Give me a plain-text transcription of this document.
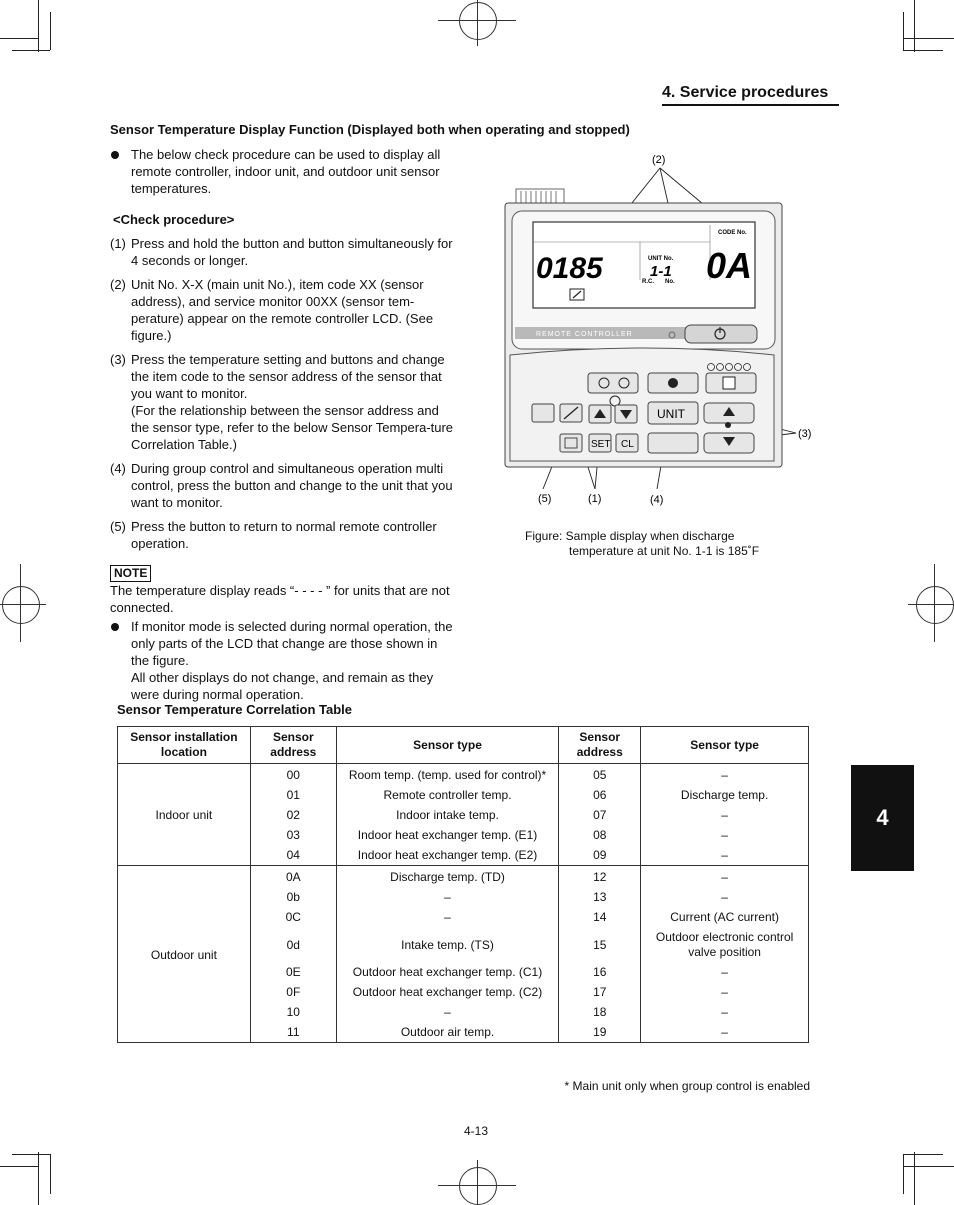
4. Service procedures
Sensor Temperature Display Function (Displayed both when operating and stopped)
The below check procedure can be used to display all remote controller, indoor unit, and outdoor unit sensor temperatures.
<Check procedure>
(1) Press and hold the button and button simultaneously for 4 seconds or longer.
(2) Unit No. X-X (main unit No.), item code XX (sensor address), and service monitor 00XX (sensor tem-perature) appear on the remote controller LCD. (See figure.)
(3) Press the temperature setting and buttons and change the item code to the sensor address of the sensor that you want to monitor.
(For the relationship between the sensor address and the sensor type, refer to the below Sensor Tempera-ture Correlation Table.)
(4) During group control and simultaneous operation multi control, press the button and change to the unit that you want to monitor.
(5) Press the button to return to normal remote controller operation.
NOTE
The temperature display reads “- - - - ” for units that are not connected.
If monitor mode is selected during normal operation, the only parts of the LCD that change are those shown in the figure.
All other displays do not change, and remain as they were during normal operation.
(2)
(3)
(5)	(1)	(4)
0185	UNIT No.
1-1
R.C. No.
CODE No.
0A
REMOTE CONTROLLER
UNIT
SET CL
Figure: Sample display when discharge
temperature at unit No. 1-1 is 185˚F
Sensor Temperature Correlation Table
Sensor installation location	Sensor address	Sensor type	Sensor address	Sensor type
Indoor unit	00	Room temp. (temp. used for control)*	05	–
	01	Remote controller temp.	06	Discharge temp.
	02	Indoor intake temp.	07	–
	03	Indoor heat exchanger temp. (E1)	08	–
	04	Indoor heat exchanger temp. (E2)	09	–
Outdoor unit	0A	Discharge temp. (TD)	12	–
	0b	–	13	–
	0C	–	14	Current (AC current)
	0d	Intake temp. (TS)	15	Outdoor electronic control valve position
	0E	Outdoor heat exchanger temp. (C1)	16	–
	0F	Outdoor heat exchanger temp. (C2)	17	–
	10	–	18	–
	11	Outdoor air temp.	19	–
* Main unit only when group control is enabled
4-13
4
